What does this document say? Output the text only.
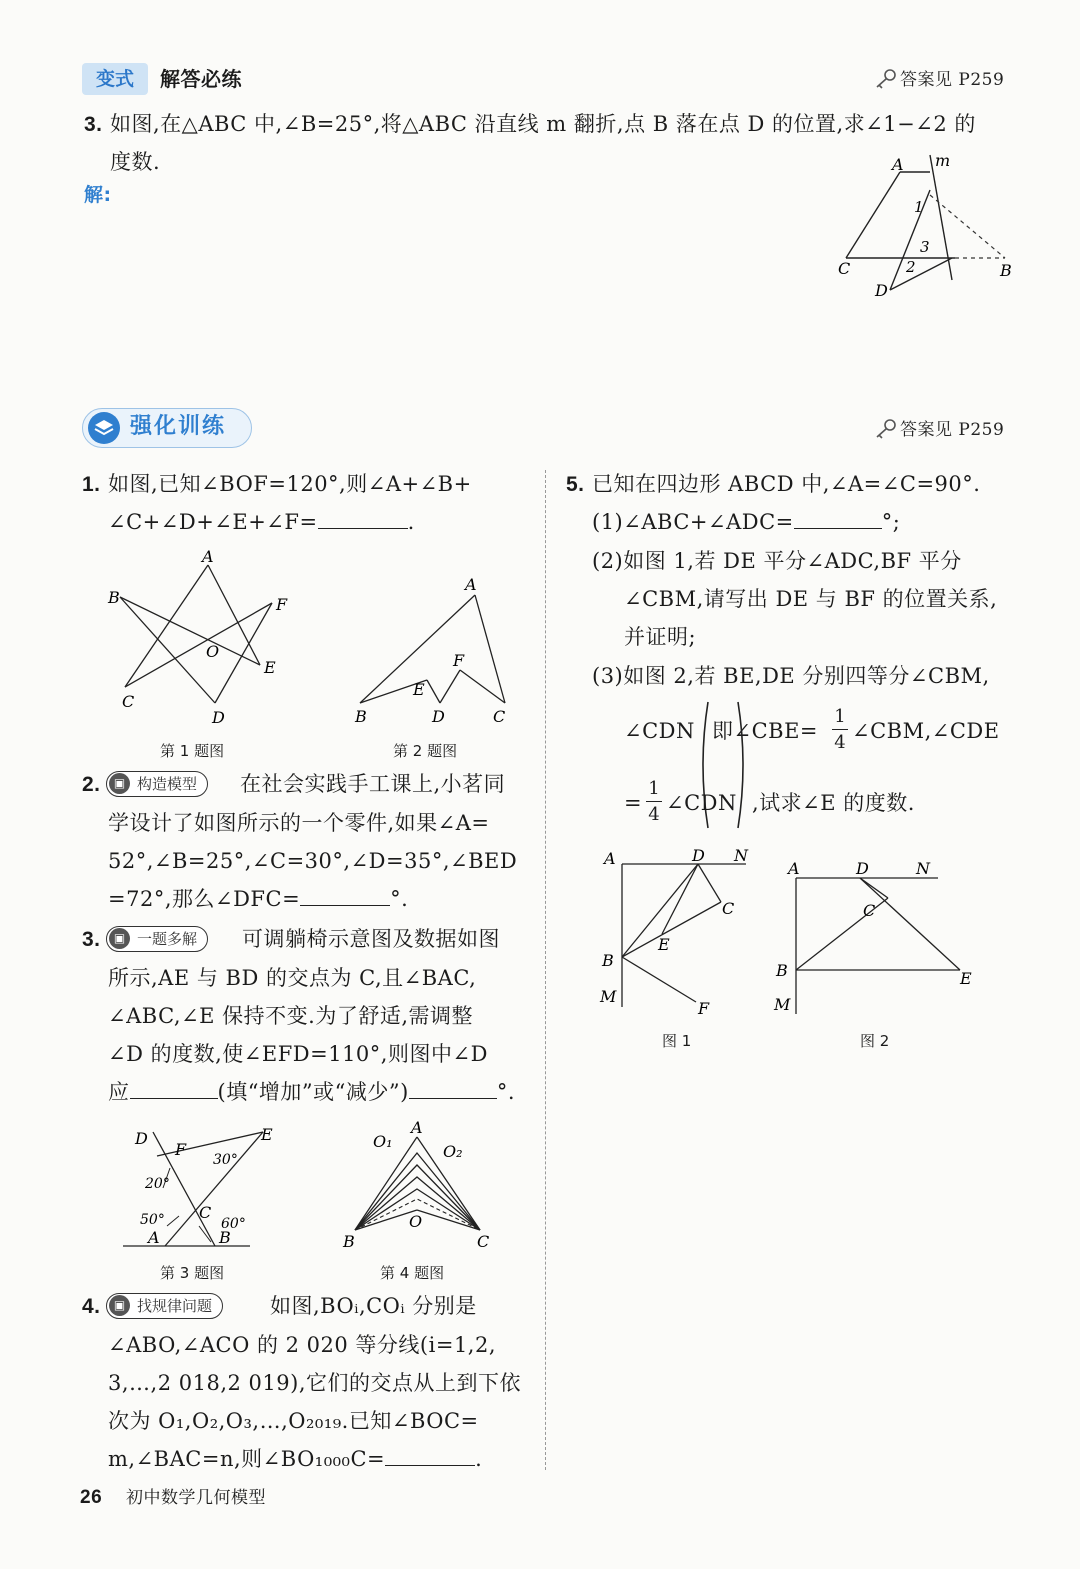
变式	解答必练	答案见 P259
3. 如图,在△ABC 中,∠B=25°,将△ABC 沿直线 m 翻折,点 B 落在点 D 的位置,求∠1−∠2 的
度数.
解:
A m
1
3
2
C	B
D
强化训练	答案见 P259
1. 如图,已知∠BOF=120°,则∠A+∠B+
∠C+∠D+∠E+∠F=	.
A
B	F
O
E
C
D
第 1 题图
A
F
E
B	D	C
第 2 题图
2.	▣ 构造模型	在社会实践手工课上,小茗同
学设计了如图所示的一个零件,如果∠A=
52°,∠B=25°,∠C=30°,∠D=35°,∠BED
=72°,那么∠DFC=	°.
3.	▣ 一题多解	可调躺椅示意图及数据如图
所示,AE 与 BD 的交点为 C,且∠BAC,
∠ABC,∠E 保持不变.为了舒适,需调整
∠D 的度数,使∠EFD=110°,则图中∠D
应	(填“增加”或“减少”)	°.
D
F
E
30°
20°
50° C
60°
A	B
第 3 题图
A
O₁
O₂
O
B	C
第 4 题图
4.	▣ 找规律问题	如图,BOᵢ,COᵢ 分别是
∠ABO,∠ACO 的 2 020 等分线(i=1,2,
3,…,2 018,2 019),它们的交点从上到下依
次为 O₁,O₂,O₃,…,O₂₀₁₉.已知∠BOC=
m,∠BAC=n,则∠BO₁₀₀₀C=	.
5. 已知在四边形 ABCD 中,∠A=∠C=90°.
(1)∠ABC+∠ADC=	°;
(2)如图 1,若 DE 平分∠ADC,BF 平分
∠CBM,请写出 DE 与 BF 的位置关系,
并证明;
(3)如图 2,若 BE,DE 分别四等分∠CBM,
∠CDN 即∠CBE=
1
4 ∠CBM,∠CDE
=
1
4 ∠CDN ,试求∠E 的度数.
A	D N
C
E
B
M
F
图 1
A	D	N
C
B	E
M
图 2
26 初中数学几何模型
